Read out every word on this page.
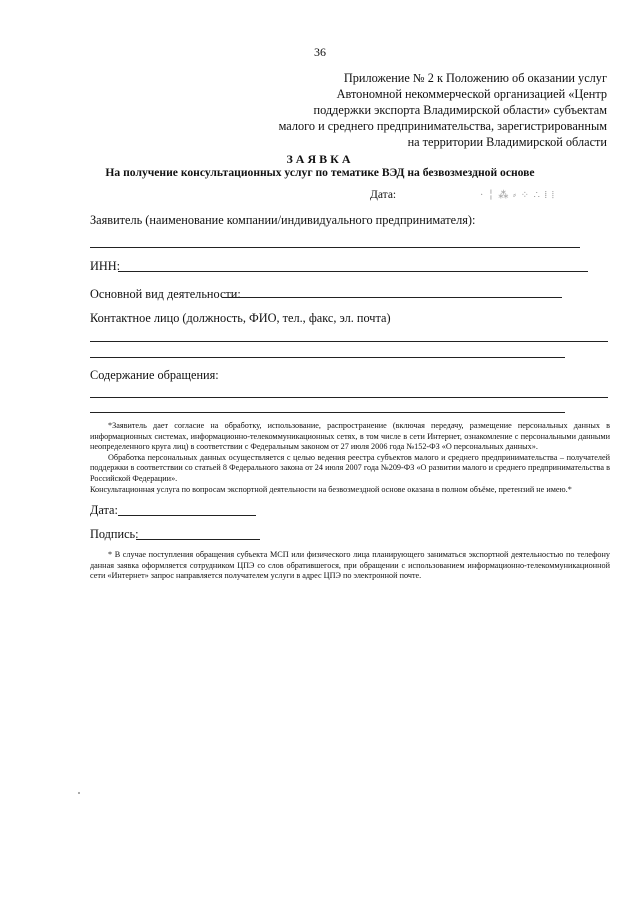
36
Приложение № 2 к Положению об оказании услуг
Автономной некоммерческой организацией «Центр
поддержки экспорта Владимирской области» субъектам
малого и среднего предпринимательства, зарегистрированным
на территории Владимирской области
ЗАЯВКА
На получение консультационных услуг по тематике ВЭД на безвозмездной основе
Дата:	· ╎ ⁂ ⸗ ⁘ ∴ ⁞ ⦙
Заявитель (наименование компании/индивидуального предпринимателя):
ИНН:
Основной вид деятельности:
Контактное лицо (должность, ФИО, тел., факс, эл. почта)
Содержание обращения:

*Заявитель дает согласие на обработку, использование, распространение (включая передачу, размещение персональных данных в информационных системах, информационно-телекоммуникационных сетях, в том числе в сети Интернет, ознакомление с персональными данными неопределенного круга лиц) в соответствии с Федеральным законом от 27 июля 2006 года №152-ФЗ «О персональных данных».

Обработка персональных данных осуществляется с целью ведения реестра субъектов малого и среднего предпринимательства – получателей поддержки в соответствии со статьей 8 Федерального закона от 24 июля 2007 года №209-ФЗ «О развитии малого и среднего предпринимательства в Российской Федерации».

Консультационная услуга по вопросам экспортной деятельности на безвозмездной основе оказана в полном объёме, претензий не имею.*

Дата:
Подпись:
* В случае поступления обращения субъекта МСП или физического лица планирующего заниматься экспортной деятельностью по телефону данная заявка оформляется сотрудником ЦПЭ со слов обратившегося, при обращении с использованием информационно-телекоммуникационной сети «Интернет» запрос направляется получателем услуги в адрес ЦПЭ по электронной почте.
